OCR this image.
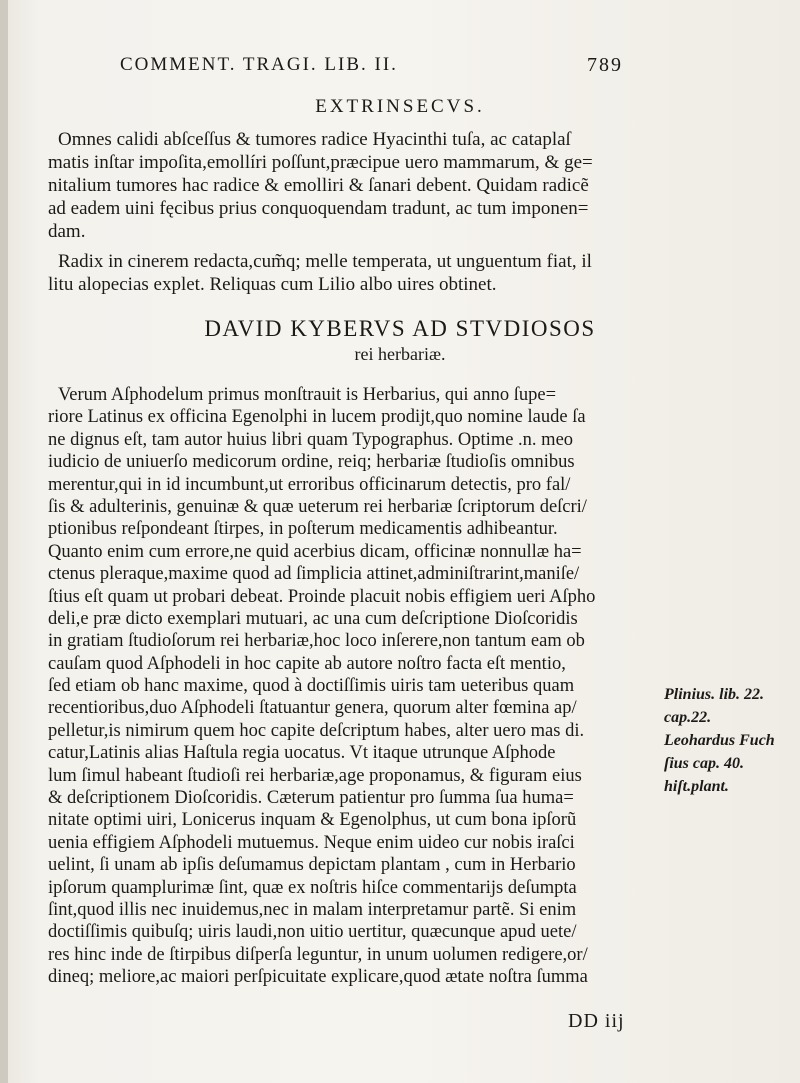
COMMENT. TRAGI. LIB. II.	789
EXTRINSECVS.
Omnes calidi abſceſſus & tumores radice Hyacinthi tuſa, ac cataplaſ
matis inſtar impoſita,emollíri poſſunt,præcipue uero mammarum, & ge=
nitalium tumores hac radice & emolliri & ſanari debent. Quidam radicẽ
ad eadem uini fęcibus prius conquoquendam tradunt, ac tum imponen=
dam.
Radix in cinerem redacta,cum̃q; melle temperata, ut unguentum fiat, il
litu alopecias explet. Reliquas cum Lilio albo uires obtinet.
DAVID KYBERVS AD STVDIOSOS
rei herbariæ.
Verum Aſphodelum primus monſtrauit is Herbarius, qui anno ſupe=
riore Latinus ex officina Egenolphi in lucem prodijt,quo nomine laude ſa
ne dignus eſt, tam autor huius libri quam Typographus. Optime .n. meo
iudicio de uniuerſo medicorum ordine, reiq; herbariæ ſtudioſis omnibus
merentur,qui in id incumbunt,ut erroribus officinarum detectis, pro fal/
ſis & adulterinis, genuinæ & quæ ueterum rei herbariæ ſcriptorum deſcri/
ptionibus reſpondeant ſtirpes, in poſterum medicamentis adhibeantur.
Quanto enim cum errore,ne quid acerbius dicam, officinæ nonnullæ ha=
ctenus pleraque,maxime quod ad ſimplicia attinet,adminiſtrarint,maniſe/
ſtius eſt quam ut probari debeat. Proinde placuit nobis effigiem ueri Aſpho
deli,e præ dicto exemplari mutuari, ac una cum deſcriptione Dioſcoridis
in gratiam ſtudioſorum rei herbariæ,hoc loco inſerere,non tantum eam ob
cauſam quod Aſphodeli in hoc capite ab autore noſtro facta eſt mentio,
ſed etiam ob hanc maxime, quod à doctiſſimis uiris tam ueteribus quam
recentioribus,duo Aſphodeli ſtatuantur genera, quorum alter fœmina ap/
pelletur,is nimirum quem hoc capite deſcriptum habes, alter uero mas di.
catur,Latinis alias Haſtula regia uocatus. Vt itaque utrunque Aſphode
lum ſimul habeant ſtudioſi rei herbariæ,age proponamus, & figuram eius
& deſcriptionem Dioſcoridis. Cæterum patientur pro ſumma ſua huma=
nitate optimi uiri, Lonicerus inquam & Egenolphus, ut cum bona ipſorũ
uenia effigiem Aſphodeli mutuemus. Neque enim uideo cur nobis iraſci
uelint, ſi unam ab ipſis deſumamus depictam plantam , cum in Herbario
ipſorum quamplurimæ ſint, quæ ex noſtris hiſce commentarijs deſumpta
ſint,quod illis nec inuidemus,nec in malam interpretamur partẽ. Si enim
doctiſſimis quibuſq; uiris laudi,non uitio uertitur, quæcunque apud uete/
res hinc inde de ſtirpibus diſperſa leguntur, in unum uolumen redigere,or/
dineq; meliore,ac maiori perſpicuitate explicare,quod ætate noſtra ſumma
Plinius. lib. 22.
cap.22.
Leohardus Fuch
ſius cap. 40.
hiſt.plant.
DD iij
